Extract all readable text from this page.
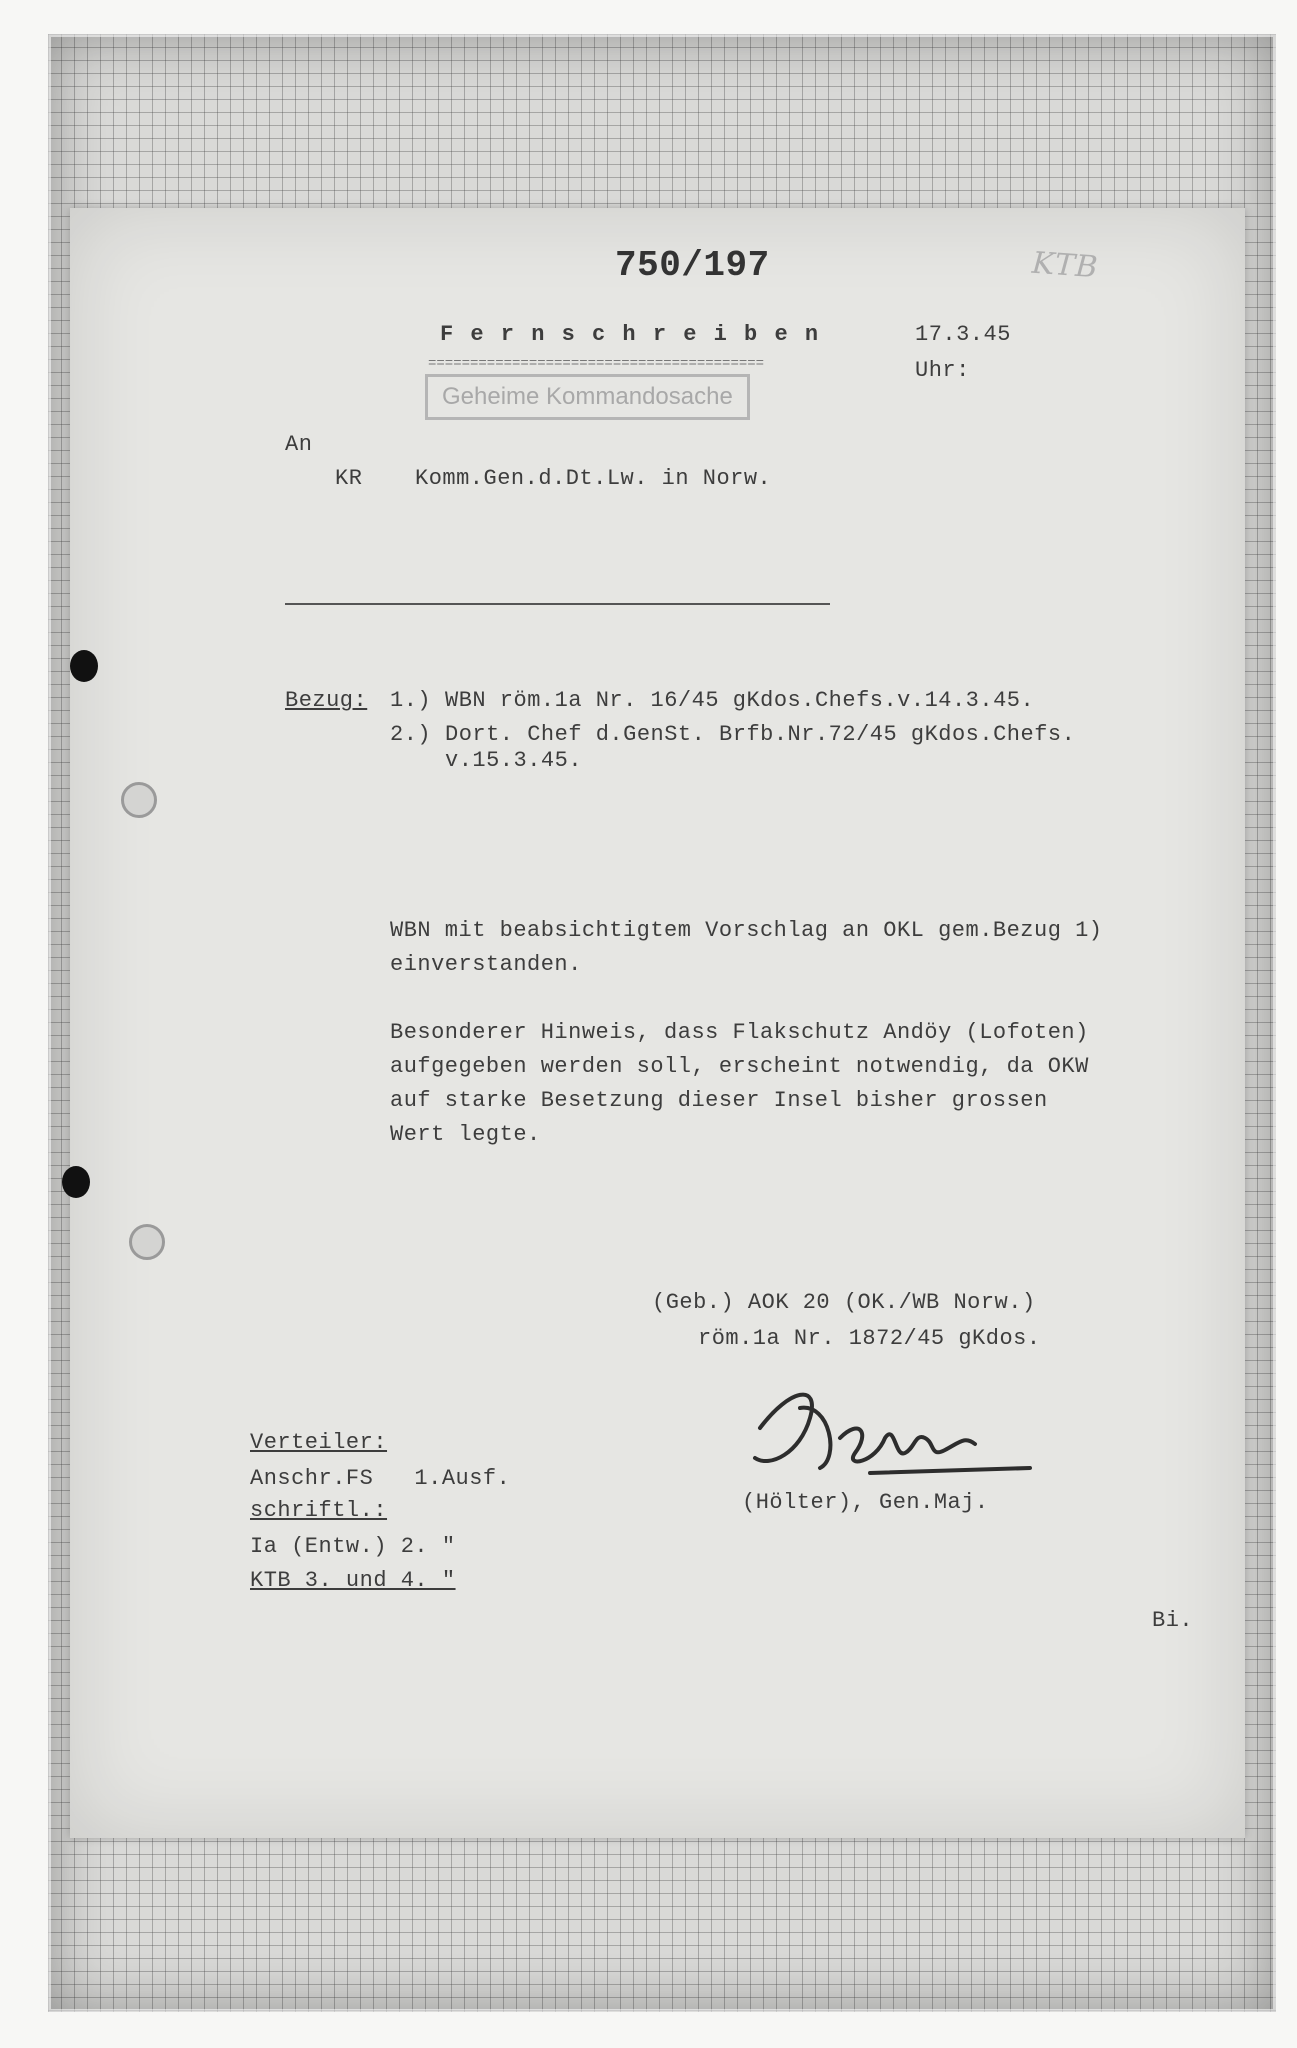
750/197	KTB
F e r n s c h r e i b e n
========================================
17.3.45
Uhr:
Geheime Kommandosache
An
KR Komm.Gen.d.Dt.Lw. in Norw.
Bezug: 1.) WBN röm.1a Nr. 16/45 gKdos.Chefs.v.14.3.45.
2.) Dort. Chef d.GenSt. Brfb.Nr.72/45 gKdos.Chefs.
v.15.3.45.
WBN mit beabsichtigtem Vorschlag an OKL gem.Bezug 1)
einverstanden.
Besonderer Hinweis, dass Flakschutz Andöy (Lofoten)
aufgegeben werden soll, erscheint notwendig, da OKW
auf starke Besetzung dieser Insel bisher grossen
Wert legte.
(Geb.) AOK 20 (OK./WB Norw.)
röm.1a Nr. 1872/45 gKdos.
(Hölter), Gen.Maj.
Verteiler:
Anschr.FS   1.Ausf.
schriftl.:
Ia (Entw.) 2. "
KTB 3. und 4. "
Bi.
